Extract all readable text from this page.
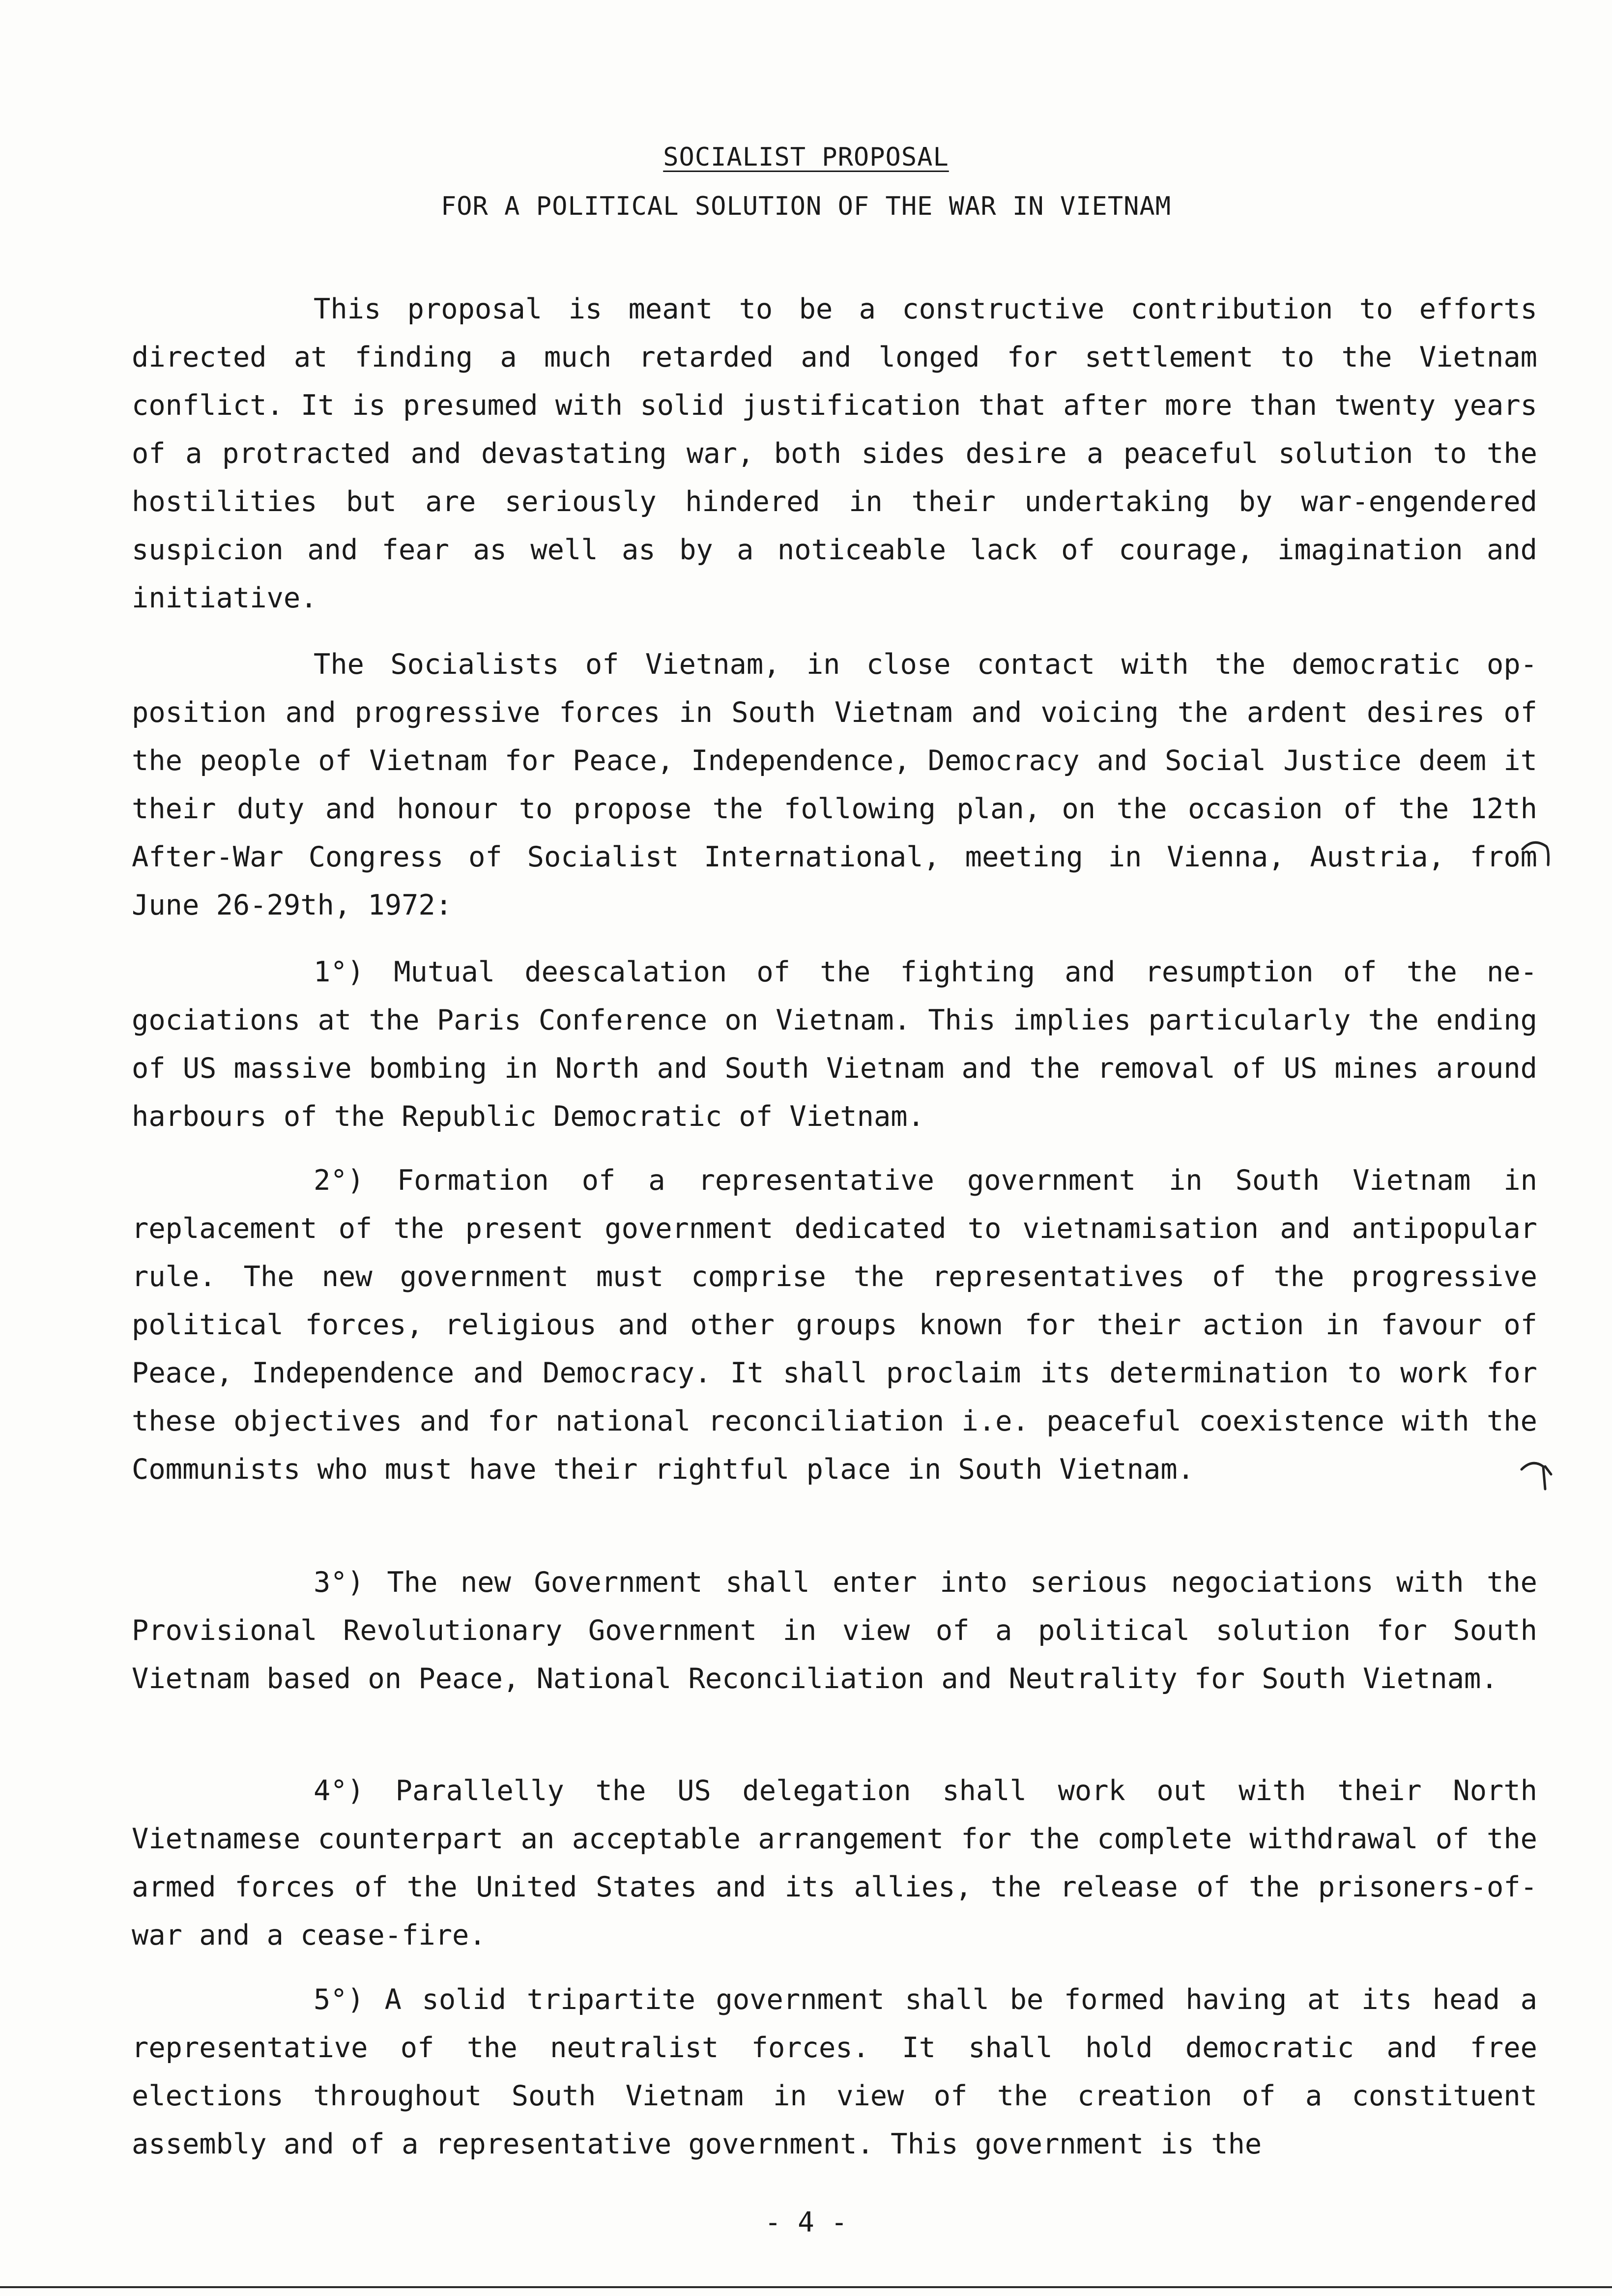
SOCIALIST PROPOSAL
FOR A POLITICAL SOLUTION OF THE WAR IN VIETNAM

This proposal is meant to be a constructive contribution to efforts directed at finding a much retarded and longed for settlement to the Vietnam conflict. It is presumed with solid justification that after more than twenty years of a protracted and devastating war, both sides desire a peaceful solution to the hostilities but are seriously hindered in their undertaking by war-engendered suspicion and fear as well as by a noticeable lack of courage, imagination and initiative.

The Socialists of Vietnam, in close contact with the democratic opposition and progressive forces in South Vietnam and voicing the ardent desires of the people of Vietnam for Peace, Independence, Democracy and Social Justice deem it their duty and honour to propose the following plan, on the occasion of the 12th After-War Congress of Socialist International, meeting in Vienna, Austria, from June 26-29th, 1972:

1°) Mutual deescalation of the fighting and resumption of the negociations at the Paris Conference on Vietnam. This implies particularly the ending of US massive bombing in North and South Vietnam and the removal of US mines around harbours of the Republic Democratic of Vietnam.

2°) Formation of a representative government in South Vietnam in replacement of the present government dedicated to vietnamisation and antipopular rule. The new government must comprise the representatives of the progressive political forces, religious and other groups known for their action in favour of Peace, Independence and Democracy. It shall proclaim its determination to work for these objectives and for national reconciliation i.e. peaceful coexistence with the Communists who must have their rightful place in South Vietnam.

3°) The new Government shall enter into serious negociations with the Provisional Revolutionary Government in view of a political solution for South Vietnam based on Peace, National Reconciliation and Neutrality for South Vietnam.

4°) Parallelly the US delegation shall work out with their North Vietnamese counterpart an acceptable arrangement for the complete withdrawal of the armed forces of the United States and its allies, the release of the prisoners-of-war and a cease-fire.

5°) A solid tripartite government shall be formed having at its head a representative of the neutralist forces. It shall hold democratic and free elections throughout South Vietnam in view of the creation of a constituent assembly and of a representative government. This government is the

- 4 -
